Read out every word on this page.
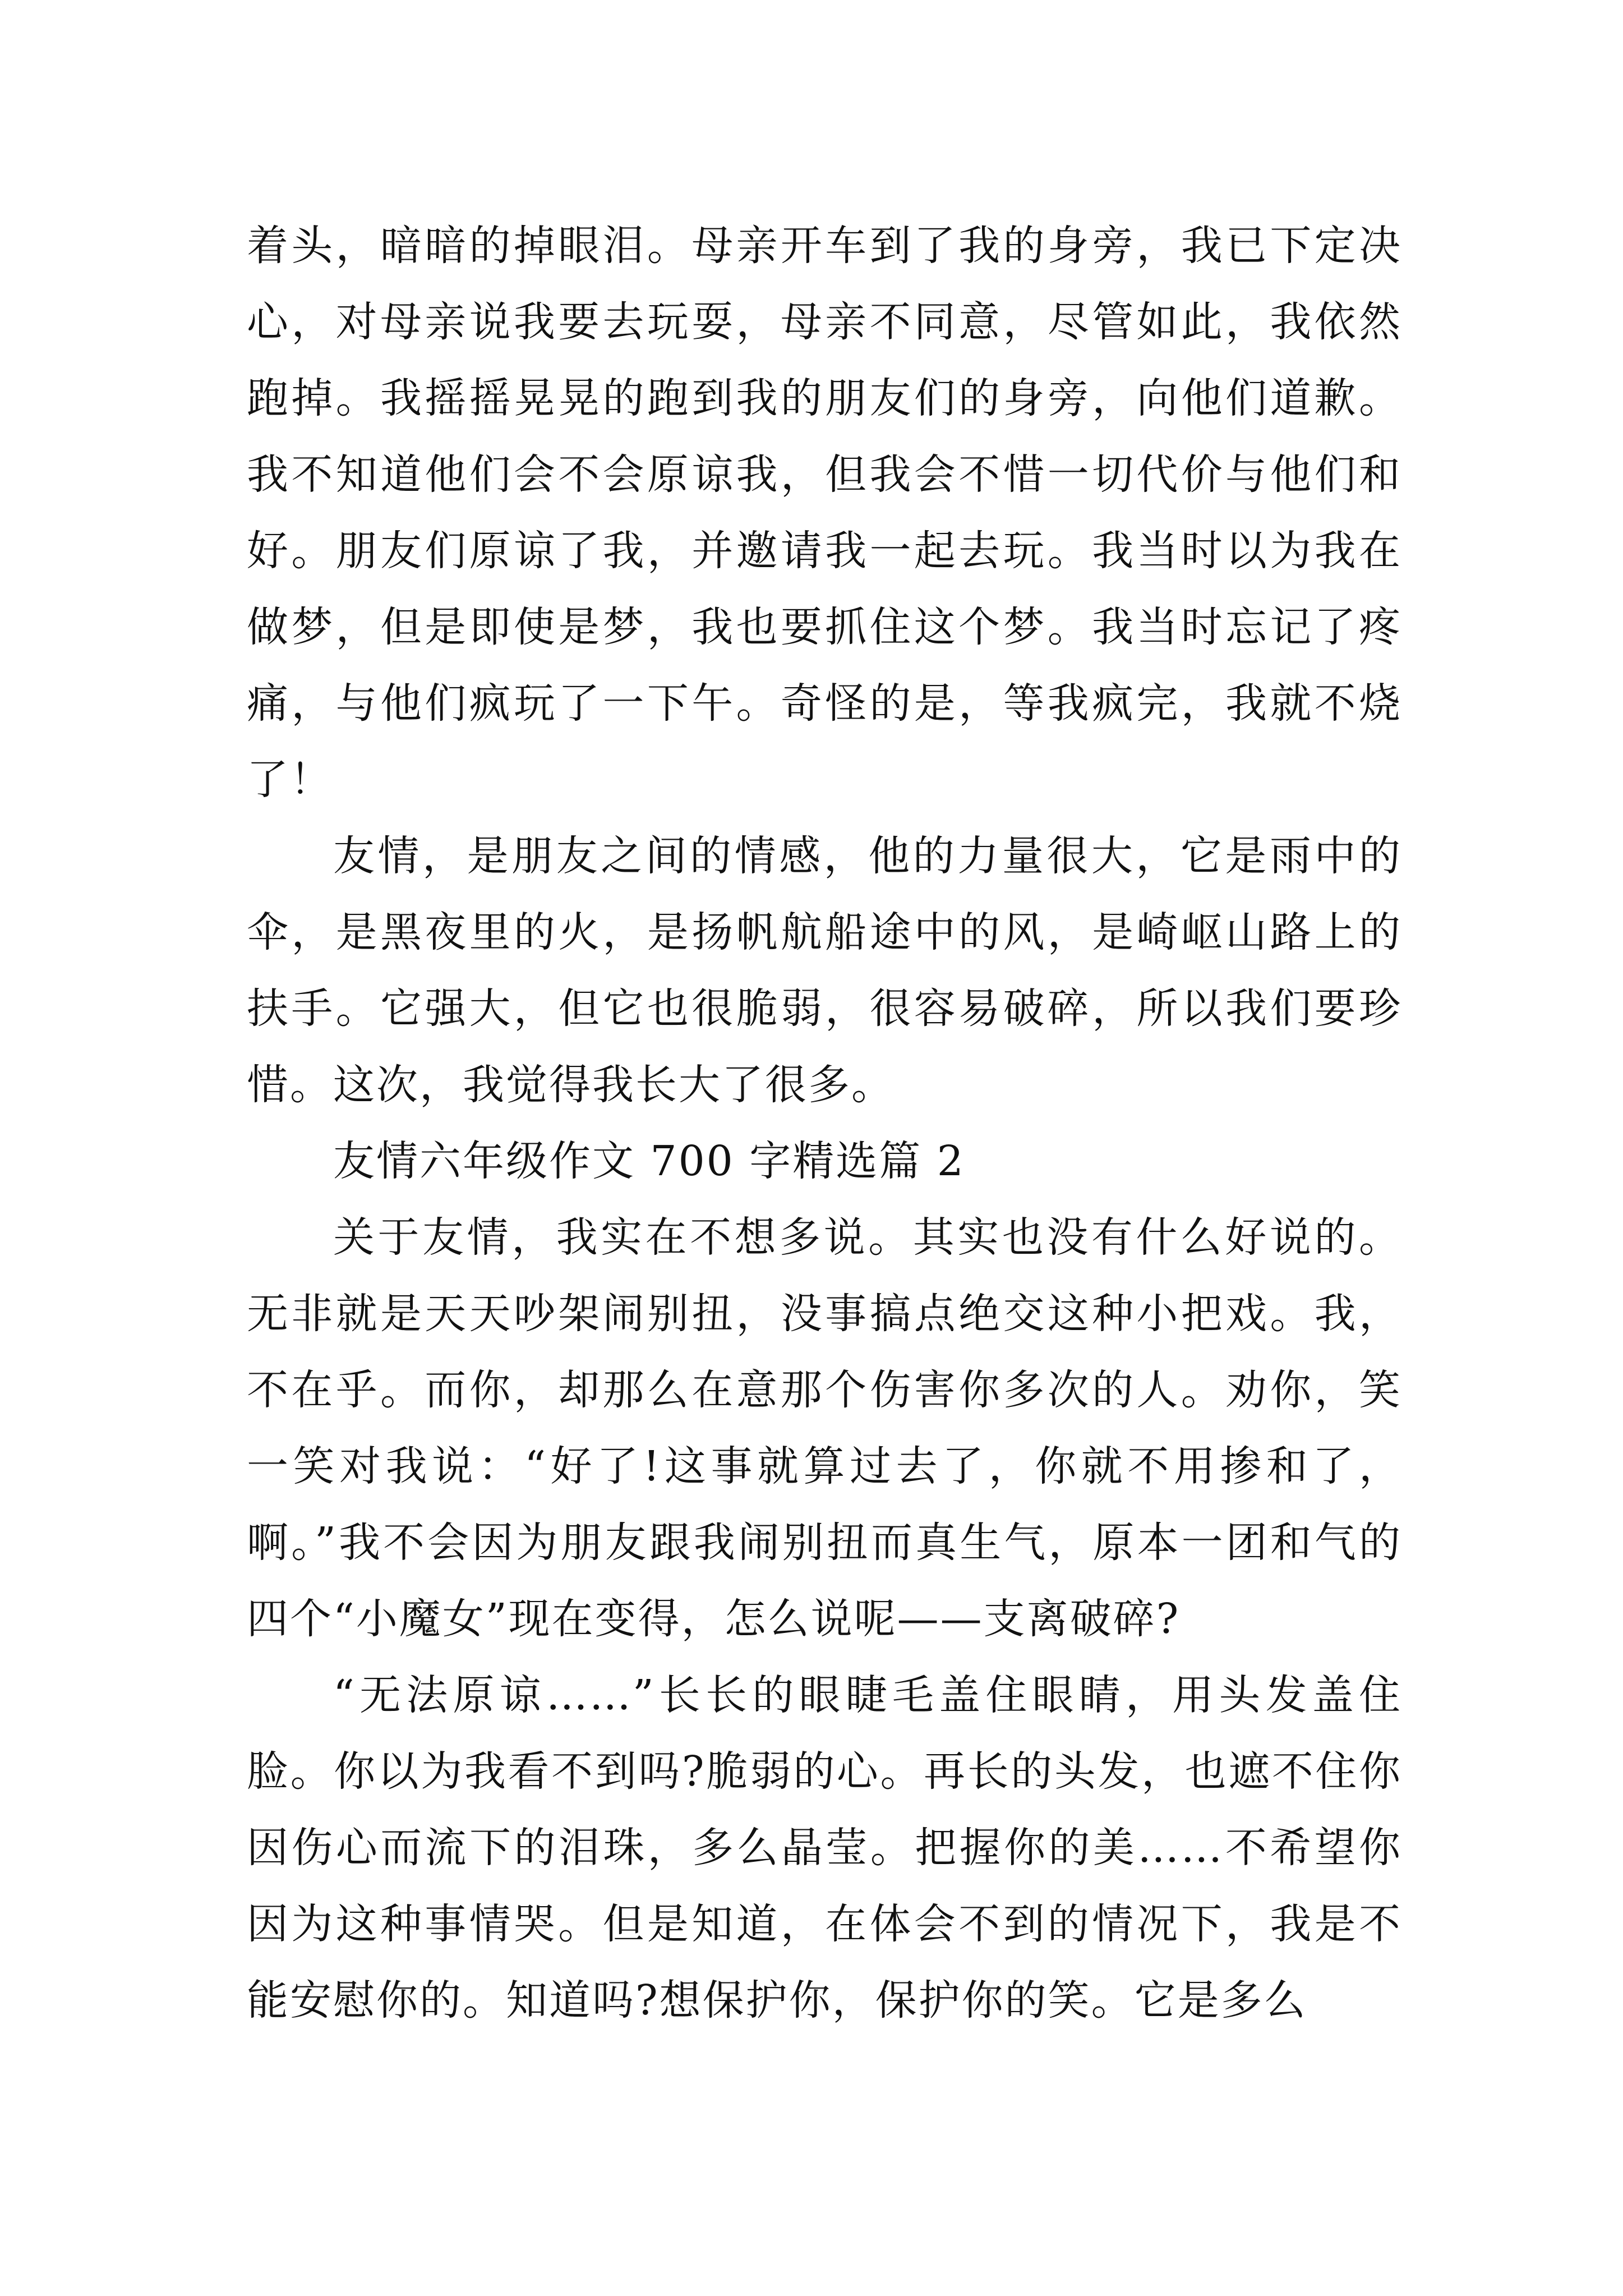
着头，暗暗的掉眼泪。母亲开车到了我的身旁，我已下定决心，对母亲说我要去玩耍，母亲不同意，尽管如此，我依然跑掉。我摇摇晃晃的跑到我的朋友们的身旁，向他们道歉。我不知道他们会不会原谅我，但我会不惜一切代价与他们和好。朋友们原谅了我，并邀请我一起去玩。我当时以为我在做梦，但是即使是梦，我也要抓住这个梦。我当时忘记了疼痛，与他们疯玩了一下午。奇怪的是，等我疯完，我就不烧了！

友情，是朋友之间的情感，他的力量很大，它是雨中的伞，是黑夜里的火，是扬帆航船途中的风，是崎岖山路上的扶手。它强大，但它也很脆弱，很容易破碎，所以我们要珍惜。这次，我觉得我长大了很多。

友情六年级作文 700 字精选篇 2

关于友情，我实在不想多说。其实也没有什么好说的。无非就是天天吵架闹别扭，没事搞点绝交这种小把戏。我，不在乎。而你，却那么在意那个伤害你多次的人。劝你，笑一笑对我说：“好了!这事就算过去了，你就不用掺和了，啊。”我不会因为朋友跟我闹别扭而真生气，原本一团和气的四个“小魔女”现在变得，怎么说呢——支离破碎?

“无法原谅……”长长的眼睫毛盖住眼睛，用头发盖住脸。你以为我看不到吗?脆弱的心。再长的头发，也遮不住你因伤心而流下的泪珠，多么晶莹。把握你的美……不希望你因为这种事情哭。但是知道，在体会不到的情况下，我是不能安慰你的。知道吗?想保护你，保护你的笑。它是多么
